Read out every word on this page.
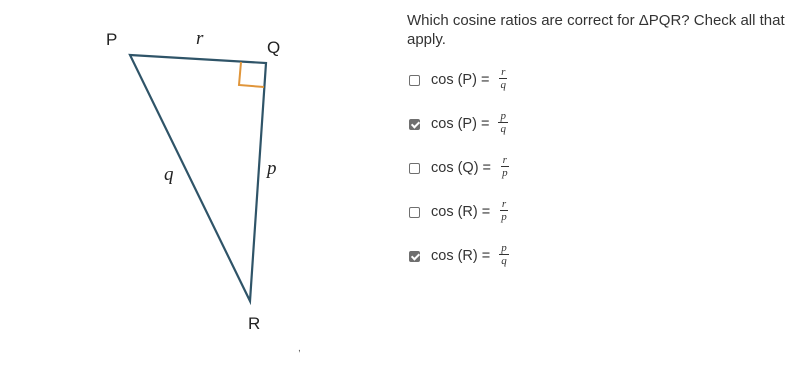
P	Q
R
r
p
q
,
Which cosine ratios are correct for ΔPQR? Check all that apply.
$\cos (P) = \frac{r}{q}$
$\cos (P) = \frac{p}{q}$
$\cos (Q) = \frac{r}{p}$
$\cos (R) = \frac{r}{p}$
$\cos (R) = \frac{p}{q}$
